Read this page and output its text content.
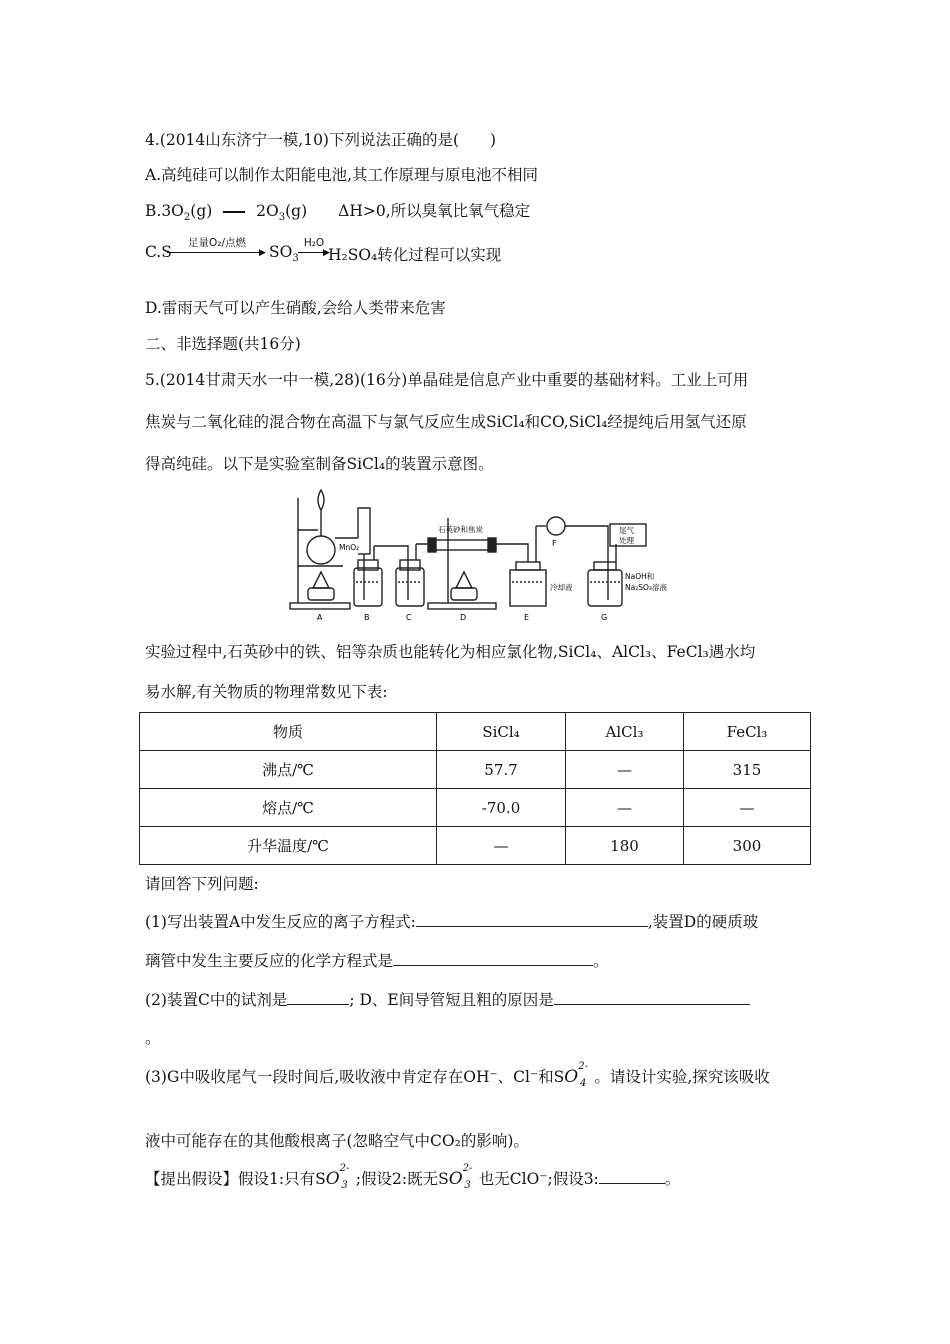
4.(2014山东济宁一模,10)下列说法正确的是(　　)
A.高纯硅可以制作太阳能电池,其工作原理与原电池不相同
$B.3O_2(g)$	$2O_3(g)$　　ΔH>0,所以臭氧比氧气稳定
C.S	足量O₂/点燃
▶ $SO_3$
H₂O
▶
H₂SO₄转化过程可以实现
D.雷雨天气可以产生硝酸,会给人类带来危害
二、非选择题(共16分)
5.(2014甘肃天水一中一模,28)(16分)单晶硅是信息产业中重要的基础材料。工业上可用
焦炭与二氧化硅的混合物在高温下与氯气反应生成SiCl₄和CO,SiCl₄经提纯后用氢气还原
得高纯硅。以下是实验室制备SiCl₄的装置示意图。
MnO₂
石英砂和焦炭	尾气
处理
冷却液
NaOH和
Na₂SO₃溶液
A	B	C	D	E
F
G
实验过程中,石英砂中的铁、铝等杂质也能转化为相应氯化物,SiCl₄、AlCl₃、FeCl₃遇水均
易水解,有关物质的物理常数见下表:
物质	SiCl₄	AlCl₃	FeCl₃
沸点/℃	57.7	—	315
熔点/℃	-70.0	—	—
升华温度/℃	—	180	300
请回答下列问题:
(1)写出装置A中发生反应的离子方程式:	,装置D的硬质玻
璃管中发生主要反应的化学方程式是	。
(2)装置C中的试剂是	; D、E间导管短且粗的原因是
。
(3)G中吸收尾气一段时间后,吸收液中肯定存在OH⁻、Cl⁻和$SO^{2-}_4$ 。请设计实验,探究该吸收
液中可能存在的其他酸根离子(忽略空气中CO₂的影响)。
【提出假设】假设1:只有$SO^{2-}_3$ ;假设2:既无$SO^{2-}_3$ 也无ClO⁻;假设3:	。
